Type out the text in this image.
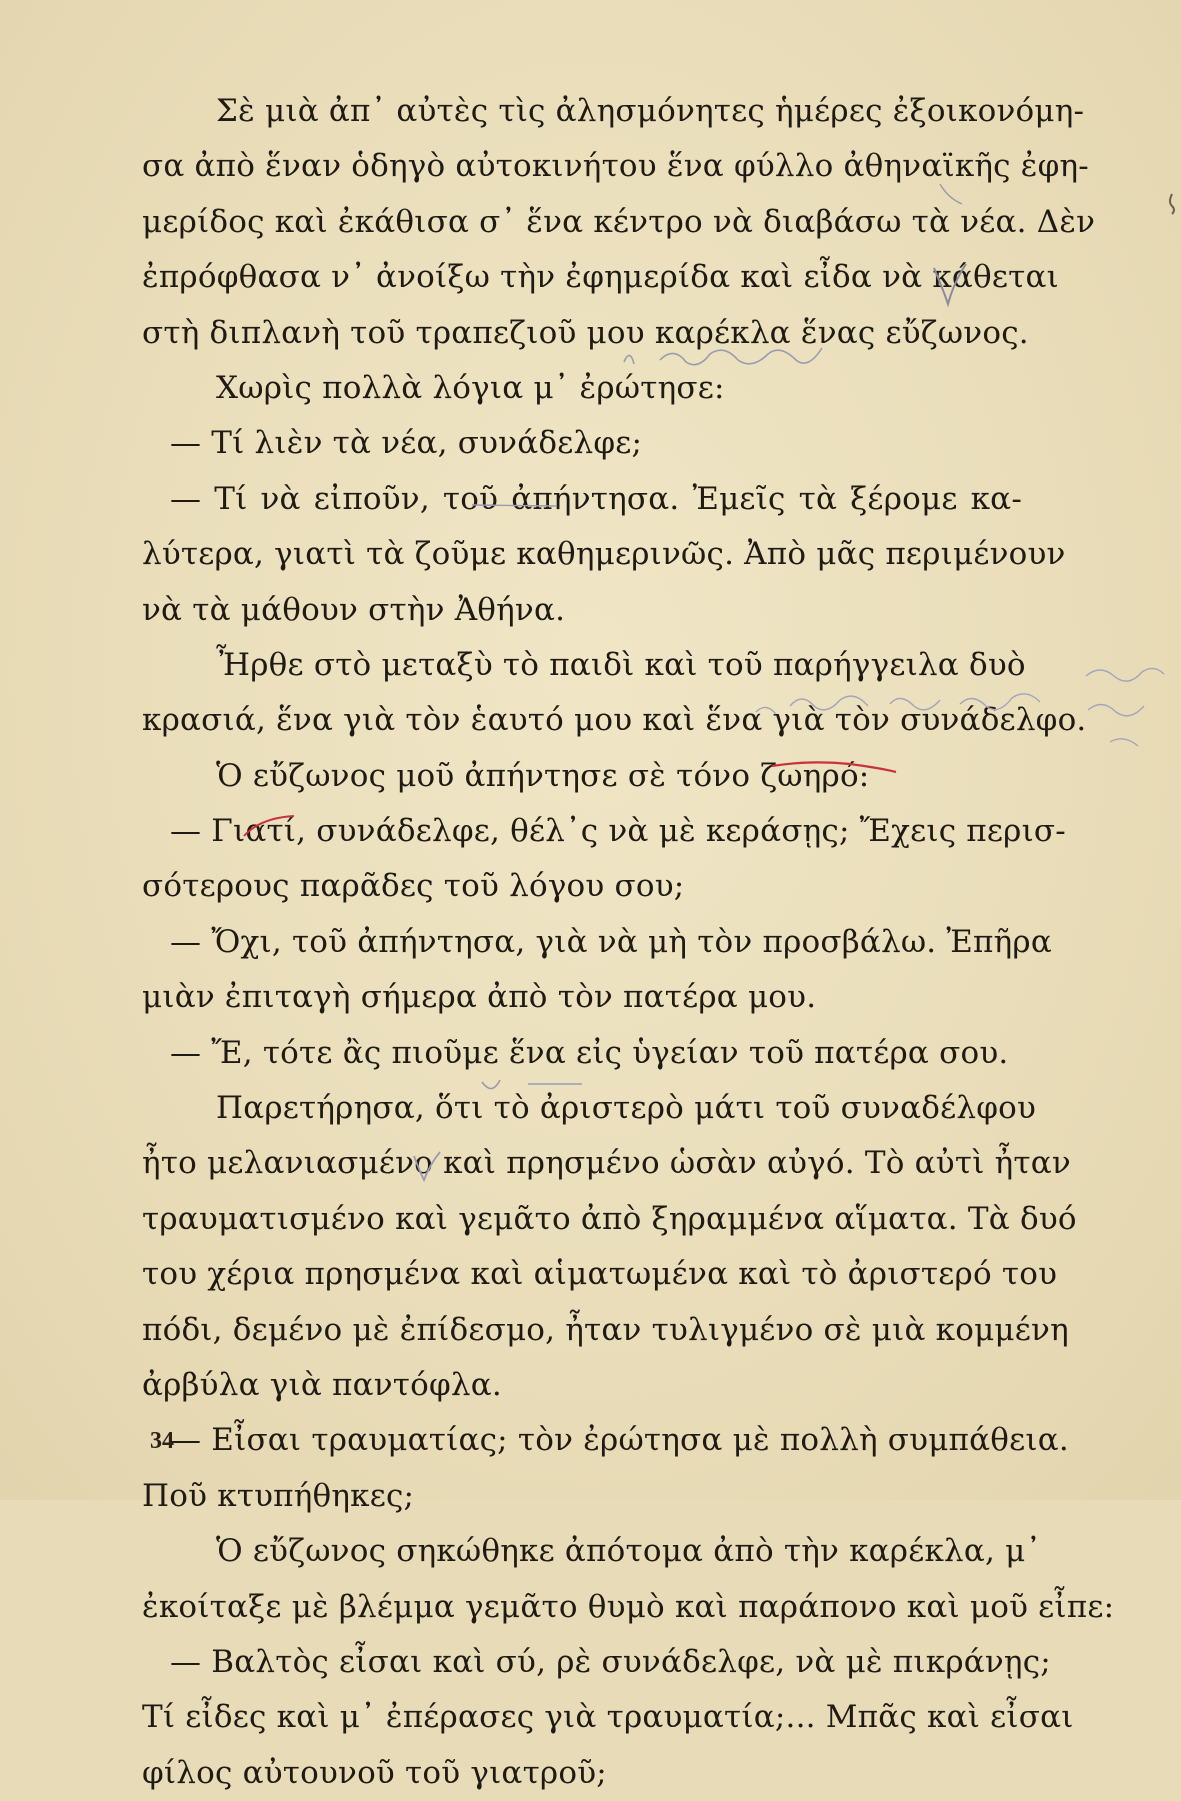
Σὲ μιὰ ἀπ᾽ αὐτὲς τὶς ἀλησμόνητες ἡμέρες ἐξοικονόμη-
σα ἀπὸ ἕναν ὁδηγὸ αὐτοκινήτου ἕνα φύλλο ἀθηναϊκῆς ἐφη-
μερίδος καὶ ἐκάθισα σ᾽ ἕνα κέντρο νὰ διαβάσω τὰ νέα. Δὲν
ἐπρόφθασα ν᾽ ἀνοίξω τὴν ἐφημερίδα καὶ εἶδα νὰ κάθεται
στὴ διπλανὴ τοῦ τραπεζιοῦ μου καρέκλα ἕνας εὔζωνος.
Χωρὶς πολλὰ λόγια μ᾽ ἐρώτησε:
— Τί λιὲν τὰ νέα, συνάδελφε;
— Τί νὰ εἰποῦν, τοῦ ἀπήντησα. Ἐμεῖς τὰ ξέρομε κα-
λύτερα, γιατὶ τὰ ζοῦμε καθημερινῶς. Ἀπὸ μᾶς περιμένουν
νὰ τὰ μάθουν στὴν Ἀθήνα.
Ἦρθε στὸ μεταξὺ τὸ παιδὶ καὶ τοῦ παρήγγειλα δυὸ
κρασιά, ἕνα γιὰ τὸν ἑαυτό μου καὶ ἕνα γιὰ τὸν συνάδελφο.
Ὁ εὔζωνος μοῦ ἀπήντησε σὲ τόνο ζωηρό:
— Γιατί, συνάδελφε, θέλ᾽ς νὰ μὲ κεράσῃς; Ἔχεις περισ-
σότερους παρᾶδες τοῦ λόγου σου;
— Ὄχι, τοῦ ἀπήντησα, γιὰ νὰ μὴ τὸν προσβάλω. Ἐπῆρα
μιὰν ἐπιταγὴ σήμερα ἀπὸ τὸν πατέρα μου.
— Ἔ, τότε ἂς πιοῦμε ἕνα εἰς ὑγείαν τοῦ πατέρα σου.
Παρετήρησα, ὅτι τὸ ἀριστερὸ μάτι τοῦ συναδέλφου
ἦτο μελανιασμένο καὶ πρησμένο ὡσὰν αὐγό. Τὸ αὐτὶ ἦταν
τραυματισμένο καὶ γεμᾶτο ἀπὸ ξηραμμένα αἵματα. Τὰ δυό
του χέρια πρησμένα καὶ αἱματωμένα καὶ τὸ ἀριστερό του
πόδι, δεμένο μὲ ἐπίδεσμο, ἦταν τυλιγμένο σὲ μιὰ κομμένη
ἀρβύλα γιὰ παντόφλα.
— Εἶσαι τραυματίας; τὸν ἐρώτησα μὲ πολλὴ συμπάθεια.
Ποῦ κτυπήθηκες;
Ὁ εὔζωνος σηκώθηκε ἀπότομα ἀπὸ τὴν καρέκλα, μ᾽
ἐκοίταξε μὲ βλέμμα γεμᾶτο θυμὸ καὶ παράπονο καὶ μοῦ εἶπε:
— Βαλτὸς εἶσαι καὶ σύ, ρὲ συνάδελφε, νὰ μὲ πικράνῃς;
Τί εἶδες καὶ μ᾽ ἐπέρασες γιὰ τραυματία;... Μπᾶς καὶ εἶσαι
φίλος αὐτουνοῦ τοῦ γιατροῦ;
34
